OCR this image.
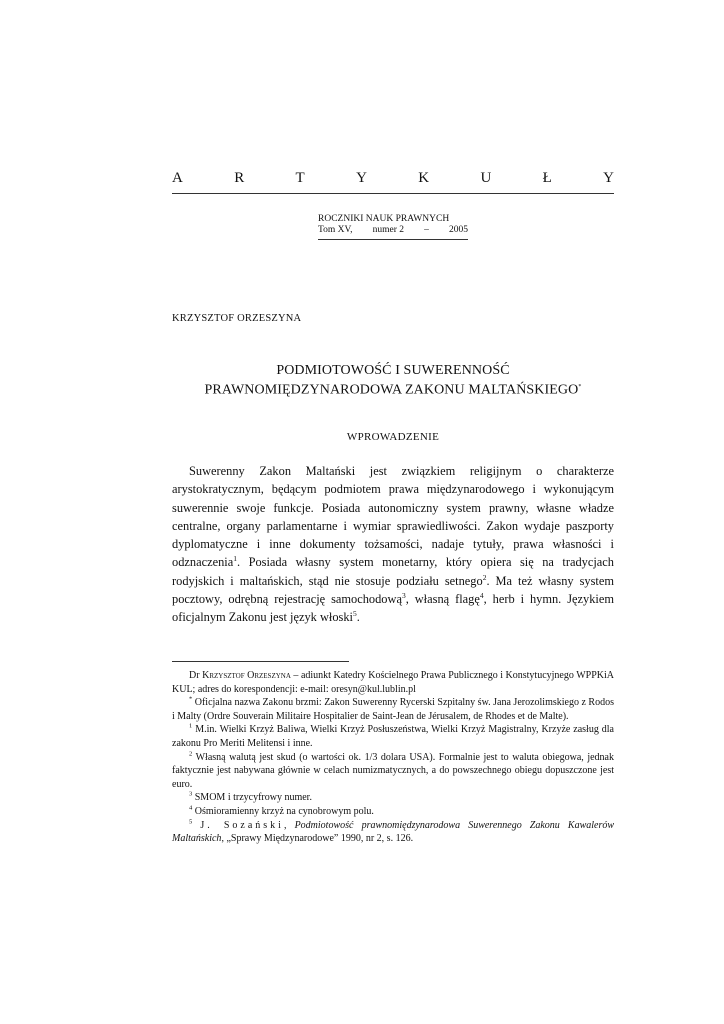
A	R	T	Y	K	U	Ł	Y
ROCZNIKI NAUK PRAWNYCH
Tom XV, numer 2 – 2005
KRZYSZTOF ORZESZYNA
PODMIOTOWOŚĆ I SUWERENNOŚĆ
PRAWNOMIĘDZYNARODOWA ZAKONU MALTAŃSKIEGO*
WPROWADZENIE

Suwerenny Zakon Maltański jest związkiem religijnym o charakterze arystokratycznym, będącym podmiotem prawa międzynarodowego i wykonującym suwerennie swoje funkcje. Posiada autonomiczny system prawny, własne władze centralne, organy parlamentarne i wymiar sprawiedliwości. Zakon wydaje paszporty dyplomatyczne i inne dokumenty tożsamości, nadaje tytuły, prawa własności i odznaczenia$^1$. Posiada własny system monetarny, który opiera się na tradycjach rodyjskich i maltańskich, stąd nie stosuje podziału setnego$^2$. Ma też własny system pocztowy, odrębną rejestrację samochodową$^3$, własną flagę$^4$, herb i hymn. Językiem oficjalnym Zakonu jest język włoski$^5$.

Dr Krzysztof Orzeszyna – adiunkt Katedry Kościelnego Prawa Publicznego i Konstytucyjnego WPPKiA KUL; adres do korespondencji: e-mail: oresyn@kul.lublin.pl

* Oficjalna nazwa Zakonu brzmi: Zakon Suwerenny Rycerski Szpitalny św. Jana Jerozolimskiego z Rodos i Malty (Ordre Souverain Militaire Hospitalier de Saint-Jean de Jérusalem, de Rhodes et de Malte).

$^1$ M.in. Wielki Krzyż Baliwa, Wielki Krzyż Posłuszeństwa, Wielki Krzyż Magistralny, Krzyże zasług dla zakonu Pro Meriti Melitensi i inne.

$^2$ Własną walutą jest skud (o wartości ok. 1/3 dolara USA). Formalnie jest to waluta obiegowa, jednak faktycznie jest nabywana głównie w celach numizmatycznych, a do powszechnego obiegu dopuszczone jest euro.

$^3$ SMOM i trzycyfrowy numer.

$^4$ Ośmioramienny krzyż na cynobrowym polu.

$^5$ J. Sozański, Podmiotowość prawnomiędzynarodowa Suwerennego Zakonu Kawalerów Maltańskich, „Sprawy Międzynarodowe” 1990, nr 2, s. 126.
